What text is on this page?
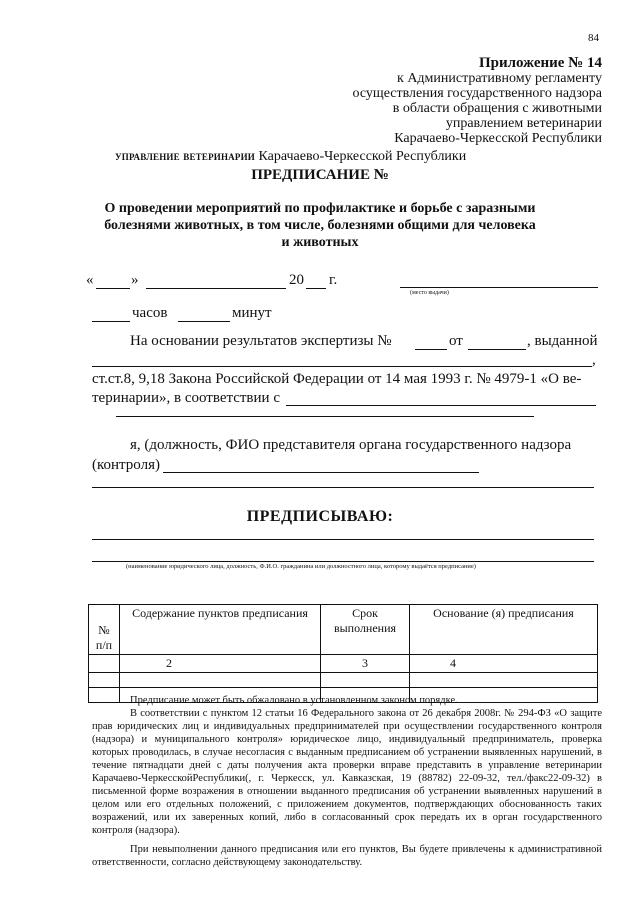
84
Приложение № 14
к Административному регламенту
осуществления государственного надзора
в области обращения с животными
управлением ветеринарии
Карачаево-Черкесской Республики
управление ветеринарии Карачаево-Черкесской Республики
ПРЕДПИСАНИЕ №
О проведении мероприятий по профилактике и борьбе с заразными болезнями животных, в том числе, болезнями общими для человека и животных
«	»	20 г.
(место выдачи)
часов	минут
На основании результатов экспертизы №	от	, выданной
,
ст.ст.8, 9,18 Закона Российской Федерации от 14 мая 1993 г. № 4979-1 «О ве-
теринарии», в соответствии с
я, (должность, ФИО представителя органа государственного надзора
(контроля)
ПРЕДПИСЫВАЮ:
(наименование юридического лица, должность, Ф.И.О. гражданина или должностного лица, которому выдаётся предписание)
№ п/п	Содержание пунктов предписания	Срок выполнения	Основание (я) предписания
	2	3	4

Предписание может быть обжаловано в установленном законом порядке.

В соответствии с пунктом 12 статьи 16 Федерального закона от 26 декабря 2008г. № 294-ФЗ «О защите прав юридических лиц и индивидуальных предпринимателей при осуществлении государственного контроля (надзора) и муниципального контроля» юридическое лицо, индивидуальный предприниматель, проверка которых проводилась, в случае несогласия с выданным предписанием об устранении выявленных нарушений, в течение пятнадцати дней с даты получения акта проверки вправе представить в управление ветеринарии Карачаево-ЧеркесскойРеспублики(, г. Черкесск, ул. Кавказская, 19 (88782) 22-09-32, тел./факс22-09-32) в письменной форме возражения в отношении выданного предписания об устранении выявленных нарушений в целом или его отдельных положений, с приложением документов, подтверждающих обоснованность таких возражений, или их заверенных копий, либо в согласованный срок передать их в орган государственного контроля (надзора).

При невыполнении данного предписания или его пунктов, Вы будете привлечены к административной ответственности, согласно действующему законодательству.
